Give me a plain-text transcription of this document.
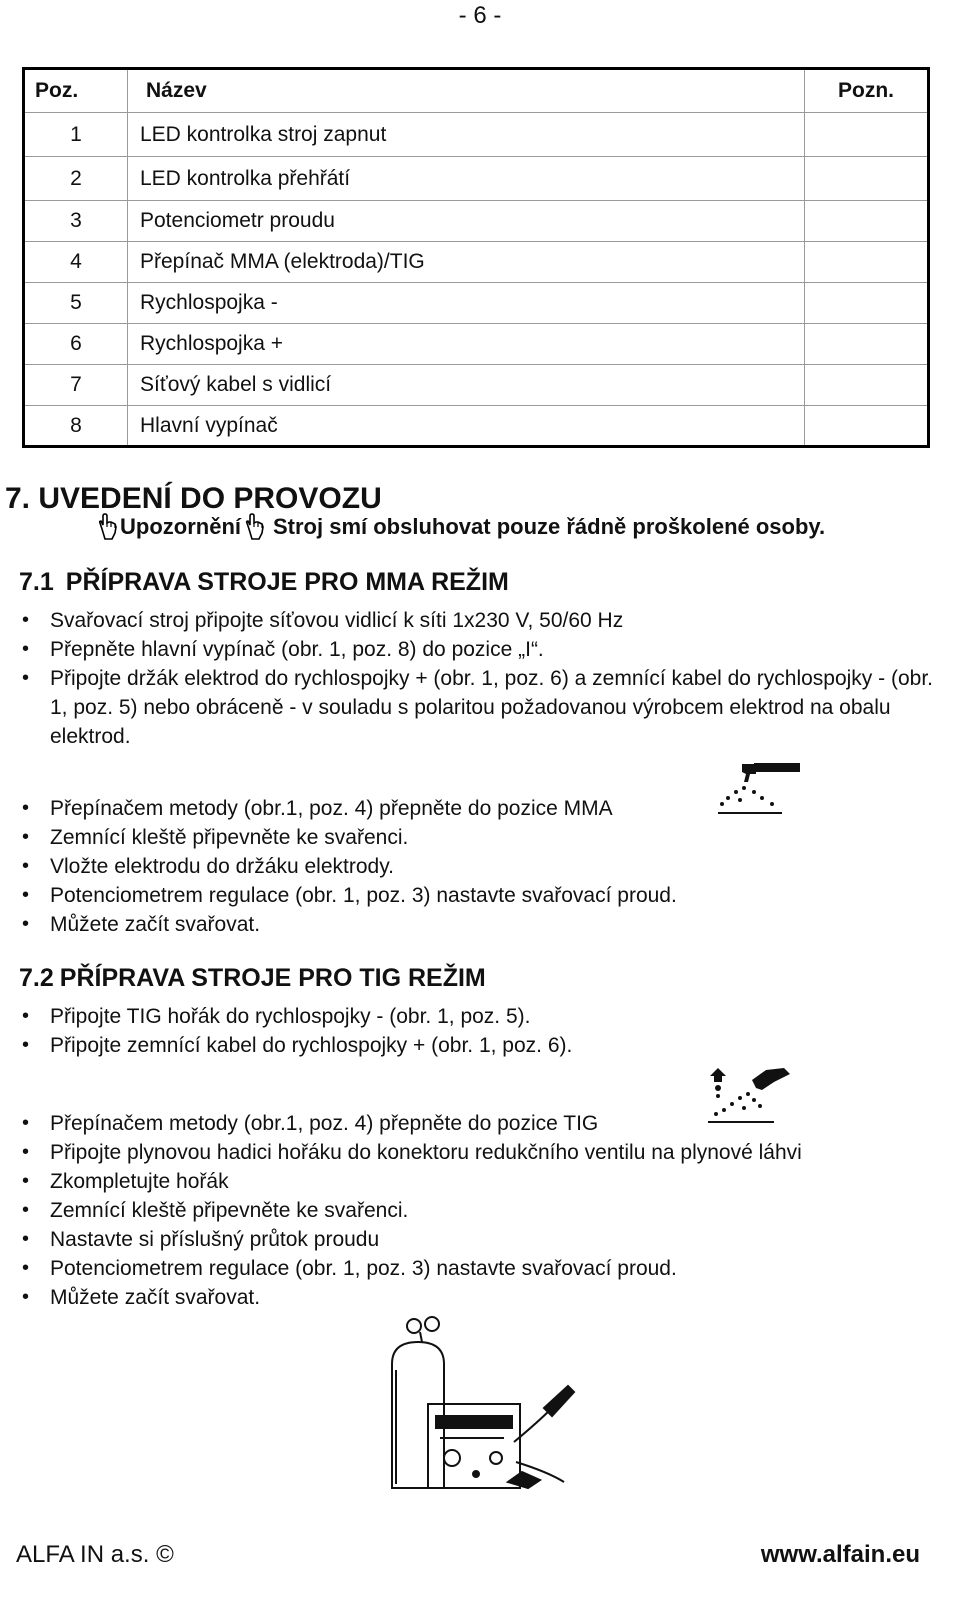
- 6 -
Poz.	Název	Pozn.
1	LED kontrolka stroj zapnut	
2	LED kontrolka přehřátí	
3	Potenciometr proudu	
4	Přepínač MMA (elektroda)/TIG	
5	Rychlospojka -	
6	Rychlospojka +	
7	Síťový kabel s vidlicí	
8	Hlavní vypínač	
7. UVEDENÍ DO PROVOZU
Upozornění Stroj smí obsluhovat pouze řádně proškolené osoby.
7.1 PŘÍPRAVA STROJE PRO MMA REŽIM
• Svařovací stroj připojte síťovou vidlicí k síti 1x230 V, 50/60 Hz
• Přepněte hlavní vypínač (obr. 1, poz. 8) do pozice „I“.
• Připojte držák elektrod do rychlospojky + (obr. 1, poz. 6) a zemnící kabel do rychlospojky - (obr. 1, poz. 5) nebo obráceně - v souladu s polaritou požadovanou výrobcem elektrod na obalu elektrod.
• Přepínačem metody (obr.1, poz. 4) přepněte do pozice MMA
• Zemnící kleště připevněte ke svařenci.
• Vložte elektrodu do držáku elektrody.
• Potenciometrem regulace (obr. 1, poz. 3) nastavte svařovací proud.
• Můžete začít svařovat.
7.2 PŘÍPRAVA STROJE PRO TIG REŽIM
• Připojte TIG hořák do rychlospojky - (obr. 1, poz. 5).
• Připojte zemnící kabel do rychlospojky + (obr. 1, poz. 6).
• Přepínačem metody (obr.1, poz. 4) přepněte do pozice TIG
• Připojte plynovou hadici hořáku do konektoru redukčního ventilu na plynové láhvi
• Zkompletujte hořák
• Zemnící kleště připevněte ke svařenci.
• Nastavte si příslušný průtok proudu
• Potenciometrem regulace (obr. 1, poz. 3) nastavte svařovací proud.
• Můžete začít svařovat.
ALFA IN a.s. ©	www.alfain.eu
